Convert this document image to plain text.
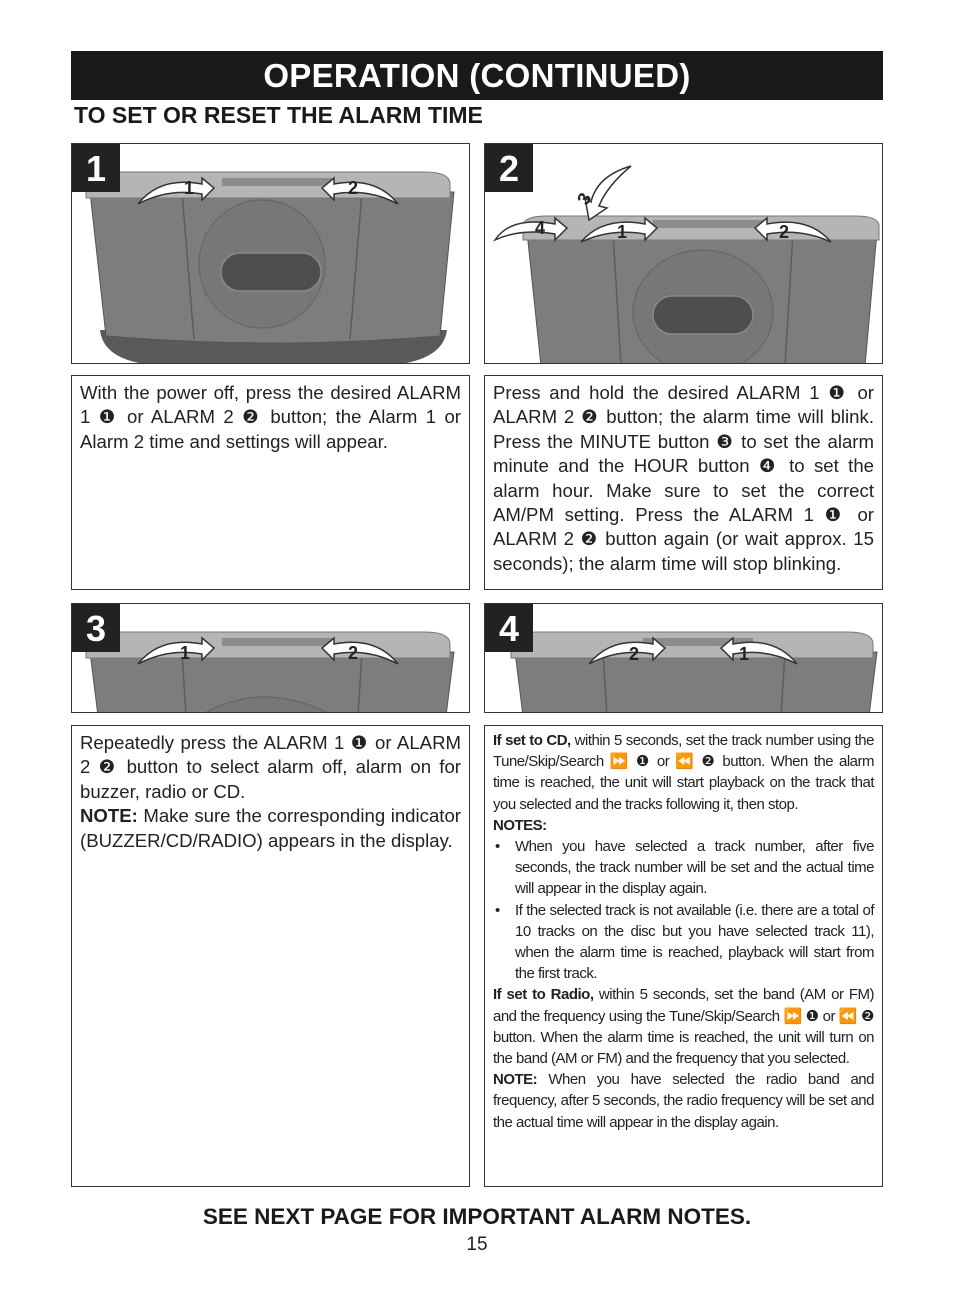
OPERATION (CONTINUED)
TO SET OR RESET THE ALARM TIME
1	1	2	2
4	1	2
3
With the power off, press the desired ALARM 1 ❶ or ALARM 2 ❷ button; the Alarm 1 or Alarm 2 time and settings will appear.
Press and hold the desired ALARM 1 ❶ or ALARM 2 ❷ button; the alarm time will blink. Press the MINUTE button ❸ to set the alarm minute and the HOUR button ❹ to set the alarm hour. Make sure to set the correct AM/PM setting. Press the ALARM 1 ❶ or ALARM 2 ❷ button again (or wait approx. 15 seconds); the alarm time will stop blinking.
3
1	2
4
2	1
Repeatedly press the ALARM 1 ❶ or ALARM 2 ❷ button to select alarm off, alarm on for buzzer, radio or CD.
NOTE: Make sure the corresponding indicator (BUZZER/CD/RADIO) appears in the display.
If set to CD, within 5 seconds, set the track number using the Tune/Skip/Search ⏩ ❶ or ⏪ ❷ button. When the alarm time is reached, the unit will start playback on the track that you selected and the tracks following it, then stop.
NOTES:
• When you have selected a track number, after five seconds, the track number will be set and the actual time will appear in the display again.
• If the selected track is not available (i.e. there are a total of 10 tracks on the disc but you have selected track 11), when the alarm time is reached, playback will start from the first track.
If set to Radio, within 5 seconds, set the band (AM or FM) and the frequency using the Tune/Skip/Search ⏩ ❶ or ⏪ ❷ button. When the alarm time is reached, the unit will turn on the band (AM or FM) and the frequency that you selected.
NOTE: When you have selected the radio band and frequency, after 5 seconds, the radio frequency will be set and the actual time will appear in the display again.
SEE NEXT PAGE FOR IMPORTANT ALARM NOTES.
15
